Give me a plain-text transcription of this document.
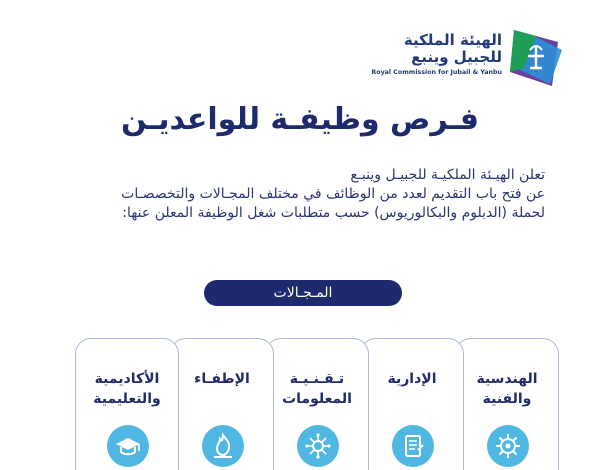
الهيئة الملكية
للجبيل وينبع
Royal Commission for Jubail & Yanbu
فـرص وظيفـة للواعديـن

تعلن الهيـئة الملكيـة للجبيـل وينبـع

عن فتح باب التقديم لعدد من الوظائف في مختلف المجـالات والتخصصـات

لحملة (الدبلوم والبكالوريوس) حسب متطلبات شغل الوظيفة المعلن عنها:

المـجـالات
الهندسية
والفنية
الإدارية
تـقـنـيـة
المعلومات
الإطفـاء
الأكاديمية
والتعليمية
